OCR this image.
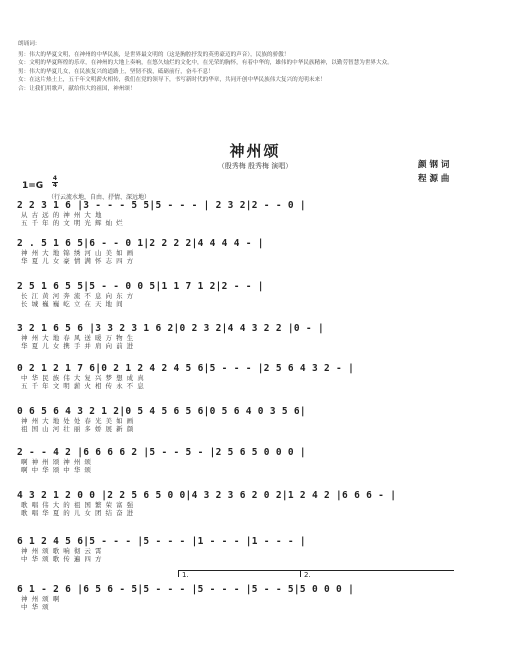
朗诵词：
男：伟大的华夏文明，在神州的中华民族，是世界最文明的（这是胸腔抒发的英勇豪迈的声音），民族的骄傲！
女：文明的华夏辉煌的乐章，在神州的大地上奏响，在悠久灿烂的文化中，在光荣的胸怀，有着中华的，雄伟的中华民族精神，以勤劳智慧为世界大众。
男：伟大的华夏儿女，在民族复兴的道路上，坚韧不拔，砥砺前行，奋斗不息！
女：在这片热土上，五千年文明薪火相传，我们在党的领导下，书写新时代的华章，共同开创中华民族伟大复兴的光明未来！
合：让我们用歌声，献给伟大的祖国，神州颂！
神州颂
（殷秀梅 殷秀梅 演唱）	颜 钢 词
程 源 曲
1=G
4
4
（行云流水地，自由、抒情、深远地）
2 2 3 1 6 |3 - - - 5 5|5 - - - | 2 3 2|2 - - 0 |
从 古 远 的 神 州 大 地
五 千 年 的 文 明 光 辉 灿 烂
2 . 5 1 6 5|6 - - 0 1|2 2 2 2|4 4 4 4 - |
神 州 大 地 锦 绣 河 山 美 如 画
华 夏 儿 女 豪 情 满 怀 志 四 方
2 5 1 6 5 5|5 - - 0 0 5|1 1 7 1 2|2 - - |
长 江 黄 河 奔 流 不 息 向 东 方
长 城 巍 巍 屹 立 在 天 地 间
3 2 1 6 5 6 |3 3 2 3 1 6 2|0 2 3 2|4 4 3 2 2 |0 - |
神 州 大 地 春 风 送 暖 万 物 生
华 夏 儿 女 携 手 并 肩 向 前 进
0 2 1 2 1 7 6|0 2 1 2 4 2 4 5 6|5 - - - |2 5 6 4 3 2 - |
中 华 民 族 伟 大 复 兴 梦 想 成 真
五 千 年 文 明 薪 火 相 传 永 不 息
0 6 5 6 4 3 2 1 2|0 5 4 5 6 5 6|0 5 6 4 0 3 5 6|
神 州 大 地 处 处 春 光 美 如 画
祖 国 山 河 壮 丽 多 娇 展 新 颜
2 - - 4 2 |6 6 6 6 2 |5 - - 5 - |2 5 6 5 0 0 0 |
啊 神 州 颂 神 州 颂
啊 中 华 颂 中 华 颂
4 3 2 1 2 0 0 |2 2 5 6 5 0 0|4 3 2 3 6 2 0 2|1 2 4 2 |6 6 6 - |
歌 唱 伟 大 的 祖 国 繁 荣 富 强
歌 唱 华 夏 的 儿 女 团 结 奋 进
6 1 2 4 5 6|5 - - - |5 - - - |1 - - - |1 - - - |
神 州 颂 歌 响 彻 云 霄
中 华 颂 歌 传 遍 四 方
1.	2.
6 1 - 2 6 |6 5 6 - 5|5 - - - |5 - - - |5 - - 5|5 0 0 0 |
神 州 颂 啊
中 华 颂
